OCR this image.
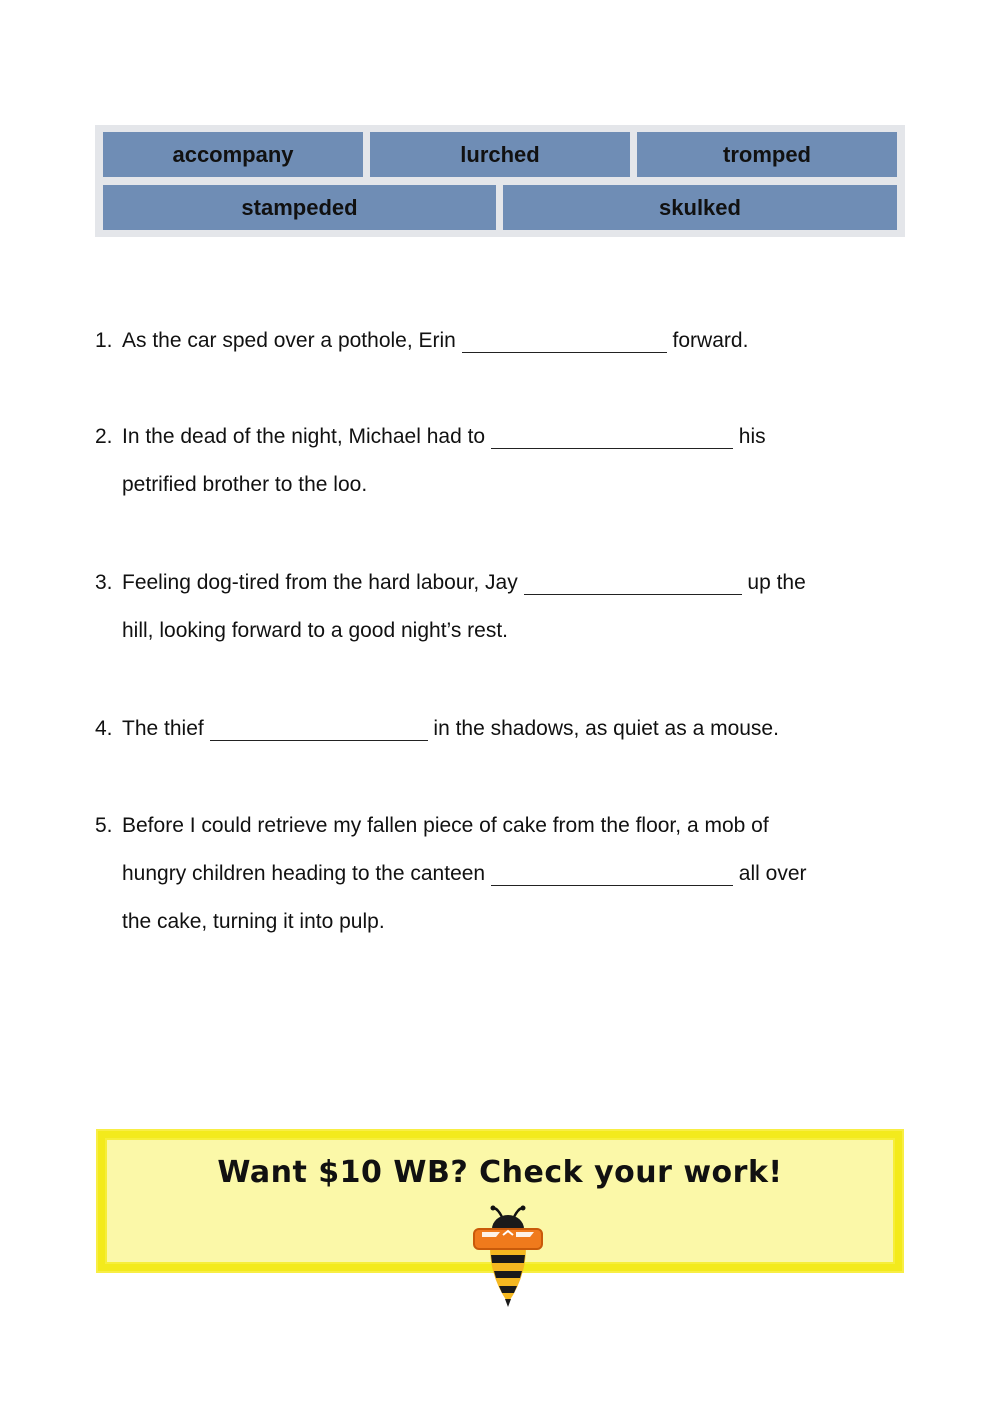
accompany	lurched	tromped
stampeded	skulked
1. As the car sped over a pothole, Erin	forward.
2. In the dead of the night, Michael had to	his
petrified brother to the loo.
3. Feeling dog-tired from the hard labour, Jay	up the
hill, looking forward to a good night’s rest.
4. The thief	in the shadows, as quiet as a mouse.
5. Before I could retrieve my fallen piece of cake from the floor, a mob of
hungry children heading to the canteen	all over
the cake, turning it into pulp.
Want $10 WB? Check your work!
